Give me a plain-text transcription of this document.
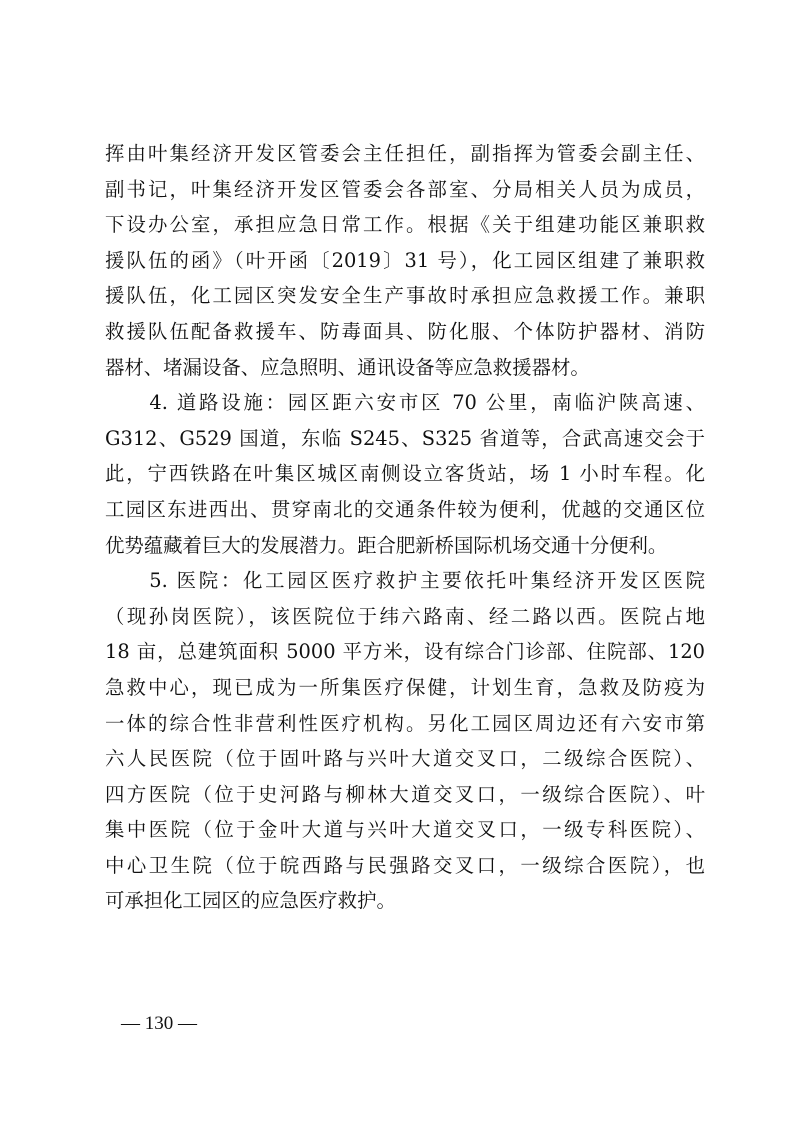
挥由叶集经济开发区管委会主任担任，副指挥为管委会副主任、
副书记，叶集经济开发区管委会各部室、分局相关人员为成员，
下设办公室，承担应急日常工作。根据《关于组建功能区兼职救
援队伍的函》（叶开函〔2019〕31 号），化工园区组建了兼职救
援队伍，化工园区突发安全生产事故时承担应急救援工作。兼职
救援队伍配备救援车、防毒面具、防化服、个体防护器材、消防
器材、堵漏设备、应急照明、通讯设备等应急救援器材。
　　4. 道路设施：园区距六安市区 70 公里，南临沪陕高速、
G312、G529 国道，东临 S245、S325 省道等，合武高速交会于
此，宁西铁路在叶集区城区南侧设立客货站，场 1 小时车程。化
工园区东进西出、贯穿南北的交通条件较为便利，优越的交通区位
优势蕴藏着巨大的发展潜力。距合肥新桥国际机场交通十分便利。
　　5. 医院：化工园区医疗救护主要依托叶集经济开发区医院
（现孙岗医院），该医院位于纬六路南、经二路以西。医院占地
18 亩，总建筑面积 5000 平方米，设有综合门诊部、住院部、120
急救中心，现已成为一所集医疗保健，计划生育，急救及防疫为
一体的综合性非营利性医疗机构。另化工园区周边还有六安市第
六人民医院（位于固叶路与兴叶大道交叉口，二级综合医院）、
四方医院（位于史河路与柳林大道交叉口，一级综合医院）、叶
集中医院（位于金叶大道与兴叶大道交叉口，一级专科医院）、
中心卫生院（位于皖西路与民强路交叉口，一级综合医院），也
可承担化工园区的应急医疗救护。
— 130 —
